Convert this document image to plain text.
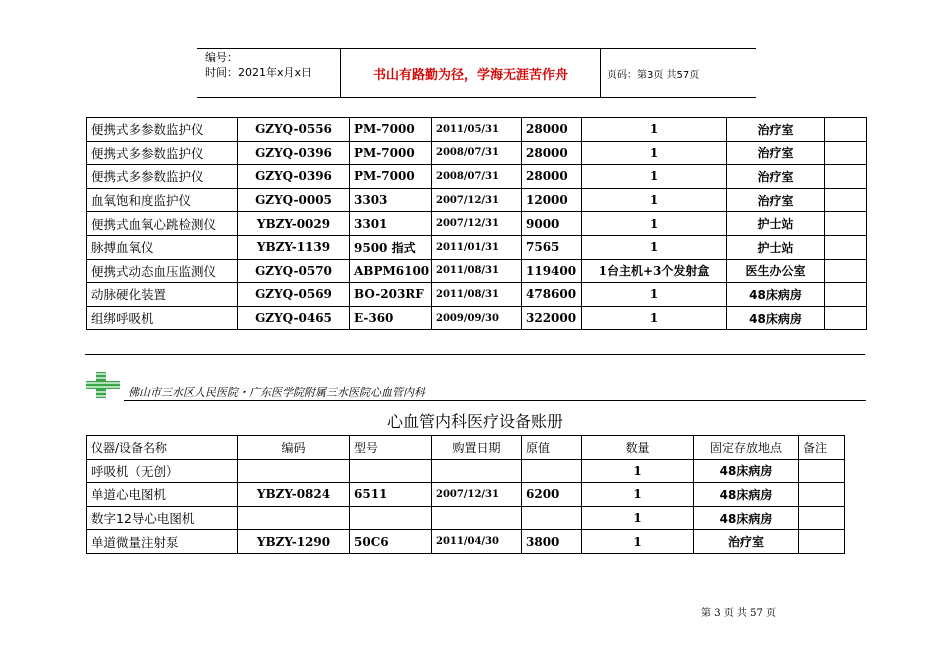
编号：
时间：2021年x月x日	书山有路勤为径，学海无涯苦作舟	页码：第3页 共57页
便携式多参数监护仪	GZYQ-0556	PM-7000	2011/05/31	28000	1	治疗室	
便携式多参数监护仪	GZYQ-0396	PM-7000	2008/07/31	28000	1	治疗室	
便携式多参数监护仪	GZYQ-0396	PM-7000	2008/07/31	28000	1	治疗室	
血氧饱和度监护仪	GZYQ-0005	3303	2007/12/31	12000	1	治疗室	
便携式血氧心跳检测仪	YBZY-0029	3301	2007/12/31	9000	1	护士站	
脉搏血氧仪	YBZY-1139	9500 指式	2011/01/31	7565	1	护士站	
便携式动态血压监测仪	GZYQ-0570	ABPM6100	2011/08/31	119400	1台主机+3个发射盒	医生办公室	
动脉硬化装置	GZYQ-0569	BO-203RF	2011/08/31	478600	1	48床病房	
组绑呼吸机	GZYQ-0465	E-360	2009/09/30	322000	1	48床病房	
佛山市三水区人民医院・广东医学院附属三水医院心血管内科
心血管内科医疗设备账册
仪器/设备名称	编码	型号	购置日期	原值	数量	固定存放地点	备注
呼吸机（无创）					1	48床病房	
单道心电图机	YBZY-0824	6511	2007/12/31	6200	1	48床病房	
数字12导心电图机					1	48床病房	
单道微量注射泵	YBZY-1290	50C6	2011/04/30	3800	1	治疗室	
第 3 页 共 57 页
